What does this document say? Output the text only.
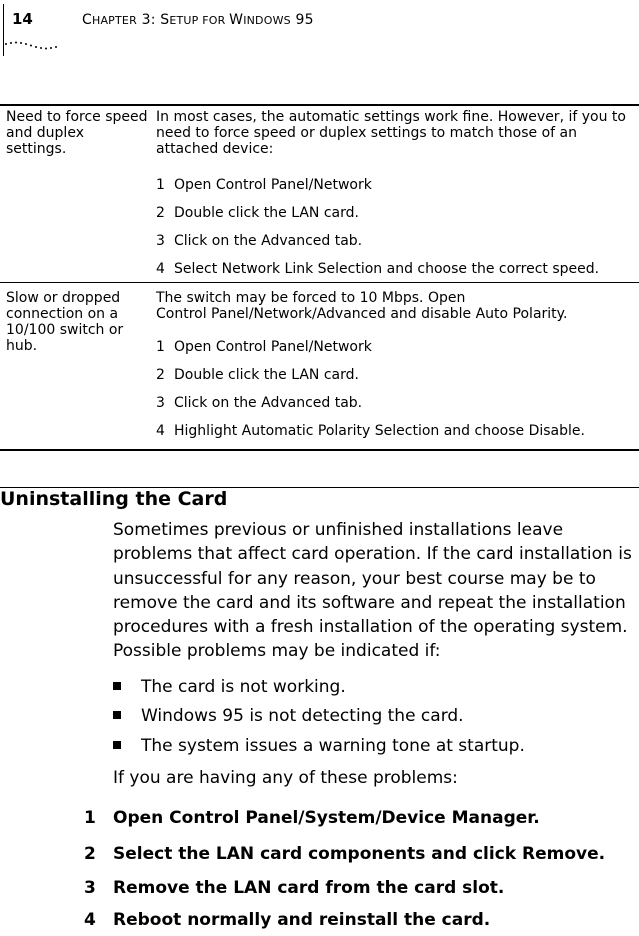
14	CHAPTER 3: SETUP FOR WINDOWS 95
Need to force speed and duplex settings.
In most cases, the automatic settings work fine. However, if you to need to force speed or duplex settings to match those of an attached device:
1 Open Control Panel/Network
2 Double click the LAN card.
3 Click on the Advanced tab.
4 Select Network Link Selection and choose the correct speed.
Slow or dropped connection on a 10/100 switch or hub.
The switch may be forced to 10 Mbps. Open
Control Panel/Network/Advanced and disable Auto Polarity.
1 Open Control Panel/Network
2 Double click the LAN card.
3 Click on the Advanced tab.
4 Highlight Automatic Polarity Selection and choose Disable.
Uninstalling the Card
Sometimes previous or unfinished installations leave problems that affect card operation. If the card installation is unsuccessful for any reason, your best course may be to remove the card and its software and repeat the installation procedures with a fresh installation of the operating system. Possible problems may be indicated if:
The card is not working.
Windows 95 is not detecting the card.
The system issues a warning tone at startup.
If you are having any of these problems:
1 Open Control Panel/System/Device Manager.
2 Select the LAN card components and click Remove.
3 Remove the LAN card from the card slot.
4 Reboot normally and reinstall the card.
